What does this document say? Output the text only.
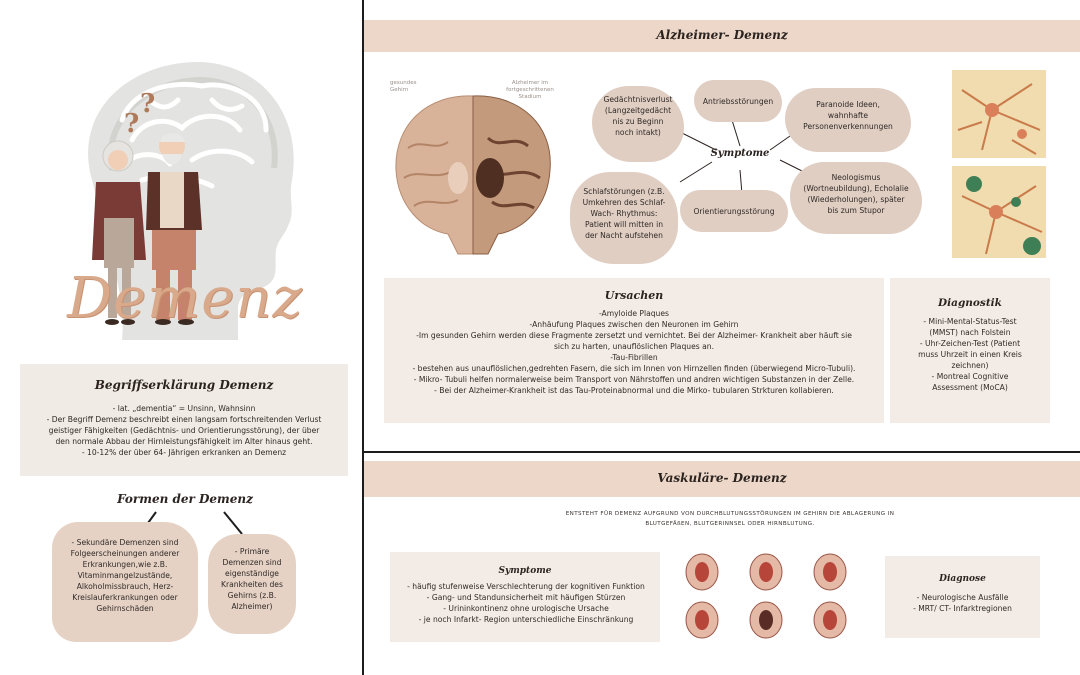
?
?
Demenz
Begriffserklärung Demenz
- lat. „dementia“ = Unsinn, Wahnsinn
- Der Begriff Demenz beschreibt einen langsam fortschreitenden Verlust
geistiger Fähigkeiten (Gedächtnis- und Orientierungsstörung), der über
den normale Abbau der Hirnleistungsfähigkeit im Alter hinaus geht.
- 10-12% der über 64- Jährigen erkranken an Demenz
Formen der Demenz
- Sekundäre Demenzen sind
Folgeerscheinungen anderer
Erkrankungen,wie z.B.
Vitaminmangelzustände,
Alkoholmissbrauch, Herz-
Kreislauferkrankungen oder
Gehirnschäden
- Primäre
Demenzen sind
eigenständige
Krankheiten des
Gehirns (z.B.
Alzheimer)
Alzheimer- Demenz
gesundes
Gehirn
Alzheimer im
fortgeschrittenen
Stadium
Symptome
Gedächtnisverlust
(Langzeitgedächt
nis zu Beginn
noch intakt)
Antriebsstörungen	Paranoide Ideen,
wahnhafte
Personenverkennungen
Schlafstörungen (z.B.
Umkehren des Schlaf-
Wach- Rhythmus:
Patient will mitten in
der Nacht aufstehen
Orientierungsstörung
Neologismus
(Wortneubildung), Echolalie
(Wiederholungen), später
bis zum Stupor
Ursachen
-Amyloide Plaques
-Anhäufung Plaques zwischen den Neuronen im Gehirn
-Im gesunden Gehirn werden diese Fragmente zersetzt und vernichtet. Bei der Alzheimer- Krankheit aber häuft sie
sich zu harten, unauflöslichen Plaques an.
-Tau-Fibrillen
- bestehen aus unauflöslichen,gedrehten Fasern, die sich im Innen von Hirnzellen finden (überwiegend Micro-Tubuli).
- Mikro- Tubuli helfen normalerweise beim Transport von Nährstoffen und andren wichtigen Substanzen in der Zelle.
- Bei der Alzheimer-Krankheit ist das Tau-Proteinabnormal und die Mirko- tubularen Strkturen kollabieren.
Diagnostik
- Mini-Mental-Status-Test
(MMST) nach Folstein
- Uhr-Zeichen-Test (Patient
muss Uhrzeit in einen Kreis
zeichnen)
- Montreal Cognitive
Assessment (MoCA)
Vaskuläre- Demenz
ENTSTEHT FÜR DEMENZ AUFGRUND VON DURCHBLUTUNGSSTÖRUNGEN IM GEHIRN DIE ABLAGERUNG IN
BLUTGEFÄßEN, BLUTGERINNSEL ODER HIRNBLUTUNG.
Symptome
- häufig stufenweise Verschlechterung der kognitiven Funktion
- Gang- und Standunsicherheit mit häufigen Stürzen
- Urininkontinenz ohne urologische Ursache
- je noch Infarkt- Region unterschiedliche Einschränkung
Diagnose
- Neurologische Ausfälle
- MRT/ CT- Infarktregionen
